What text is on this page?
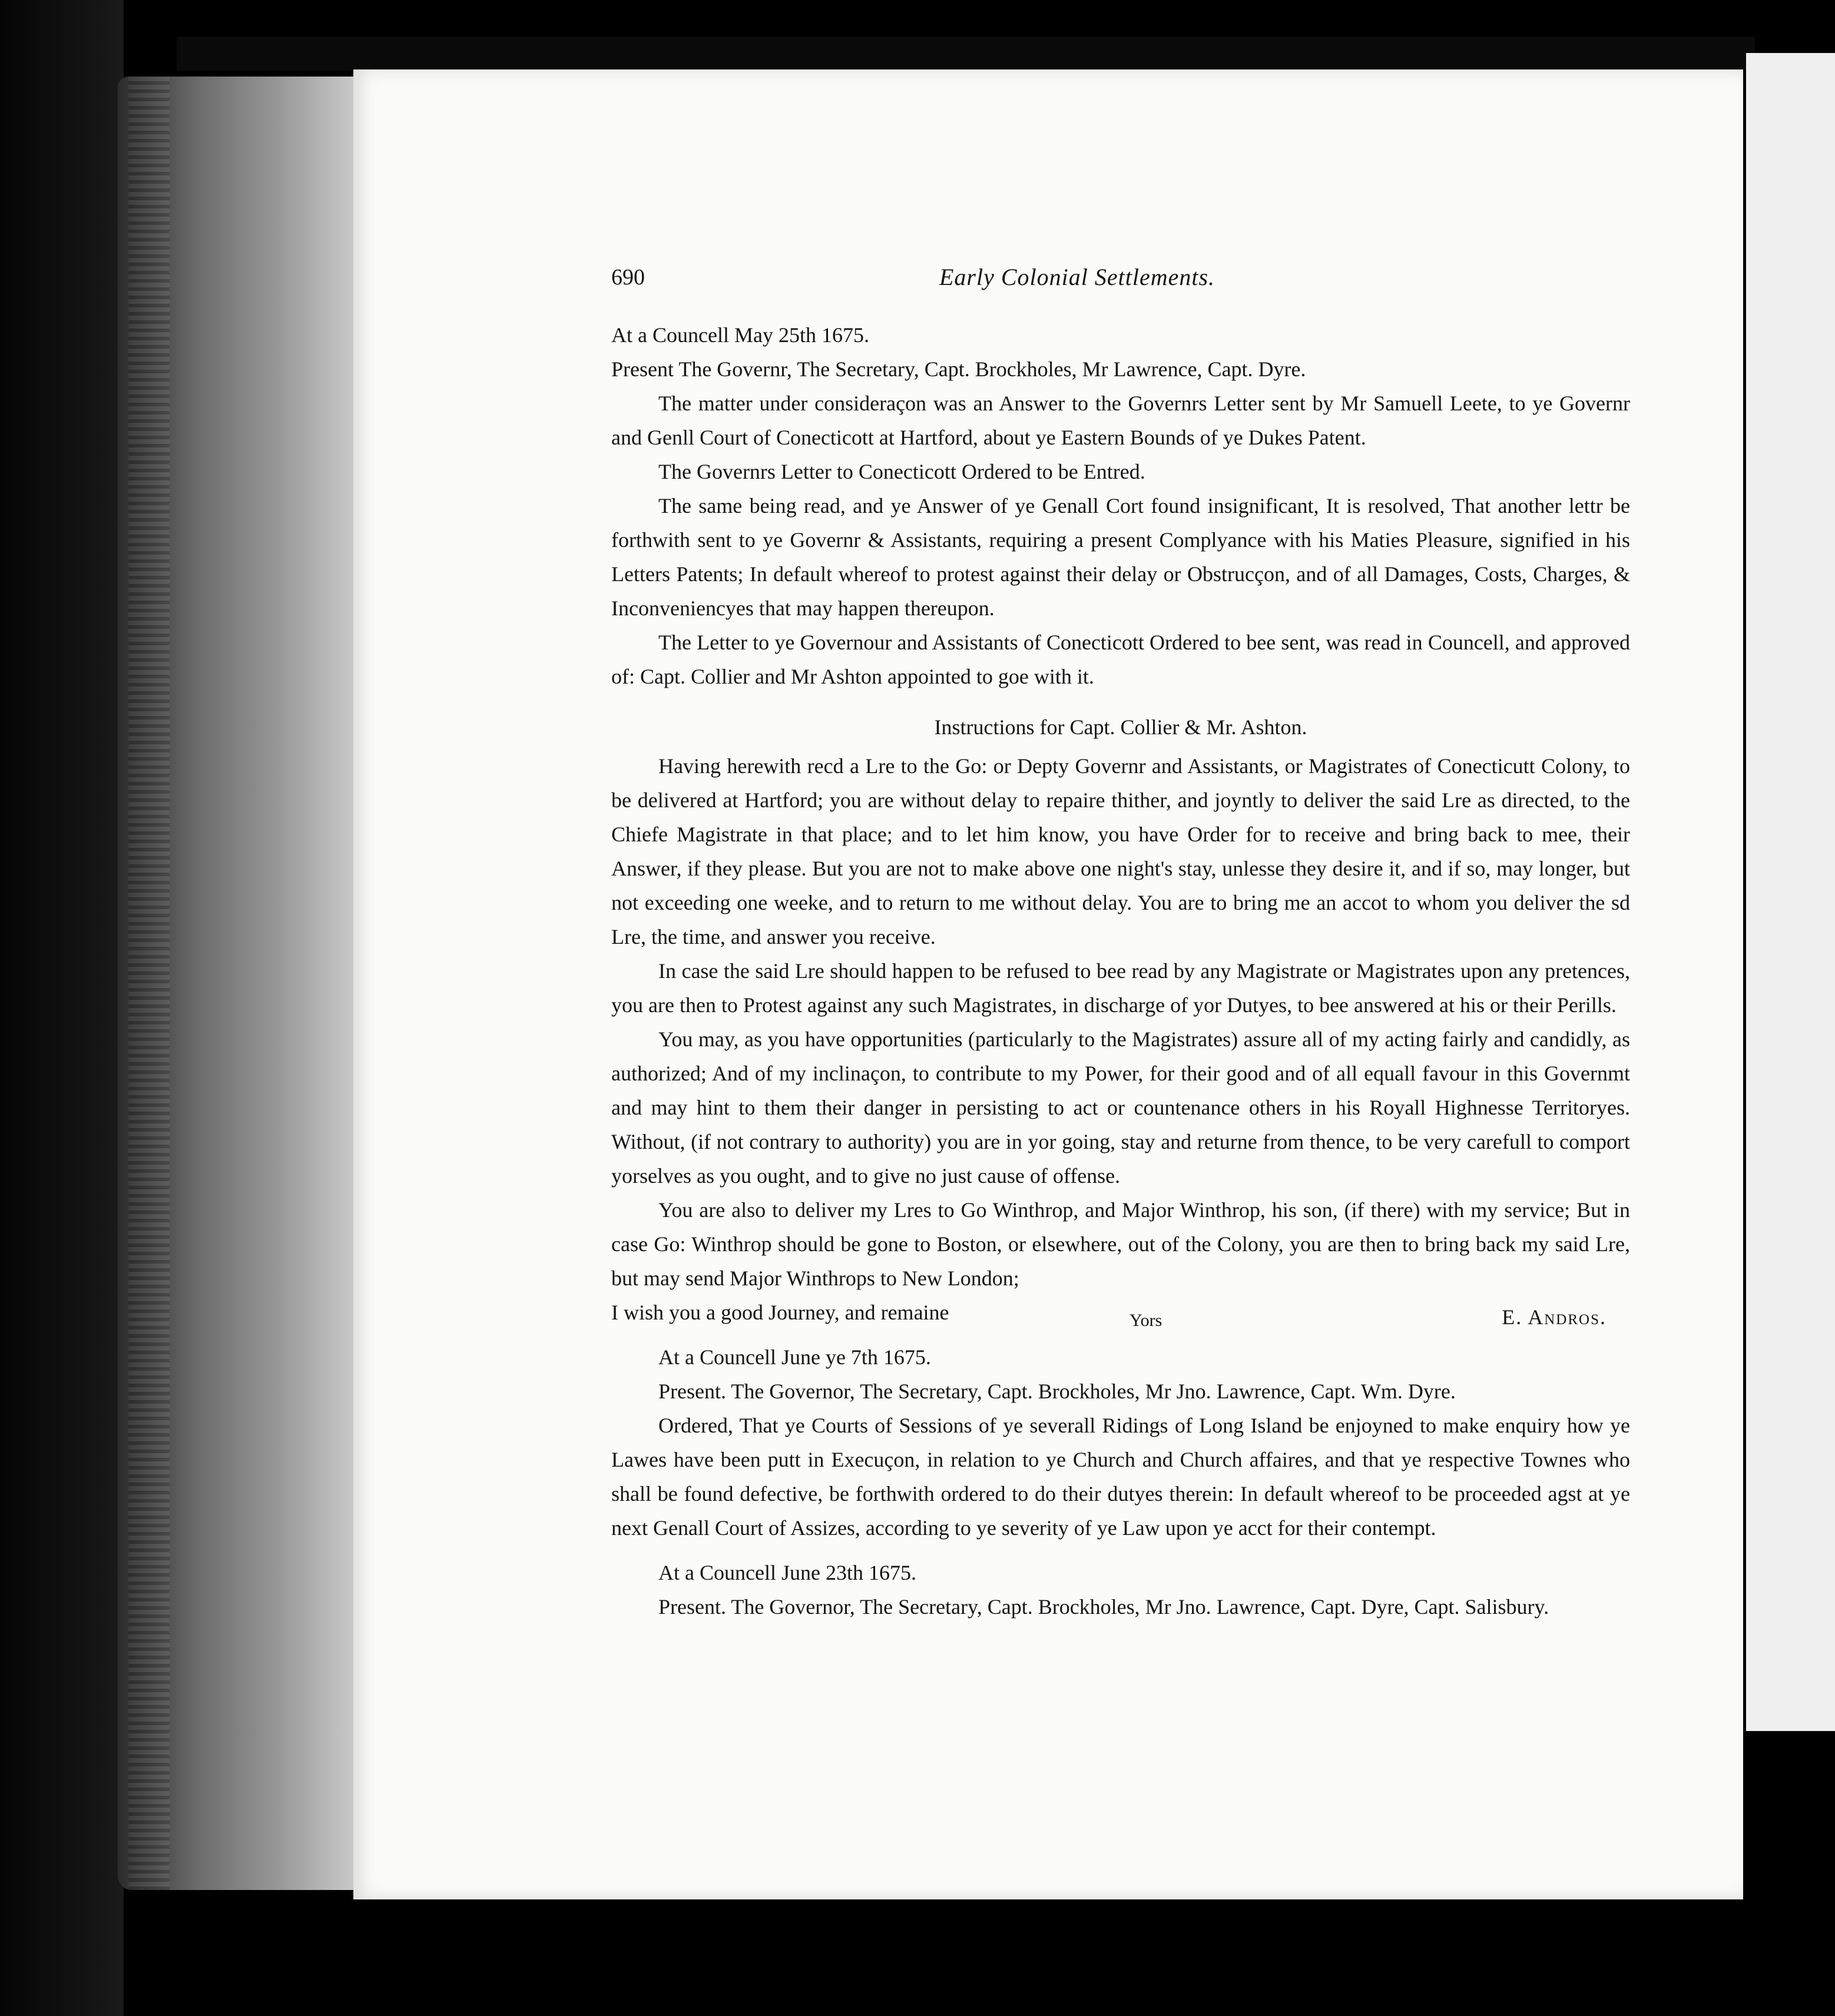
690	Early Colonial Settlements.

At a Councell May 25th 1675.

Present The Governr, The Secretary, Capt. Brockholes, Mr Lawrence, Capt. Dyre.

The matter under consideraçon was an Answer to the Governrs Letter sent by Mr Samuell Leete, to ye Governr and Genll Court of Conecticott at Hartford, about ye Eastern Bounds of ye Dukes Patent.

The Governrs Letter to Conecticott Ordered to be Entred.

The same being read, and ye Answer of ye Genall Cort found insignificant, It is resolved, That another lettr be forthwith sent to ye Governr & Assistants, requiring a present Complyance with his Maties Pleasure, signified in his Letters Patents; In default whereof to protest against their delay or Obstrucçon, and of all Damages, Costs, Charges, & Inconveniencyes that may happen thereupon.

The Letter to ye Governour and Assistants of Conecticott Ordered to bee sent, was read in Councell, and approved of: Capt. Collier and Mr Ashton appointed to goe with it.

Instructions for Capt. Collier & Mr. Ashton.

Having herewith recd a Lre to the Go: or Depty Governr and Assistants, or Magistrates of Conecticutt Colony, to be delivered at Hartford; you are without delay to repaire thither, and joyntly to deliver the said Lre as directed, to the Chiefe Magistrate in that place; and to let him know, you have Order for to receive and bring back to mee, their Answer, if they please. But you are not to make above one night's stay, unlesse they desire it, and if so, may longer, but not exceeding one weeke, and to return to me without delay. You are to bring me an accot to whom you deliver the sd Lre, the time, and answer you receive.

In case the said Lre should happen to be refused to bee read by any Magistrate or Magistrates upon any pretences, you are then to Protest against any such Magistrates, in discharge of yor Dutyes, to bee answered at his or their Perills.

You may, as you have opportunities (particularly to the Magistrates) assure all of my acting fairly and candidly, as authorized; And of my inclinaçon, to contribute to my Power, for their good and of all equall favour in this Governmt and may hint to them their danger in persisting to act or countenance others in his Royall Highnesse Territoryes. Without, (if not contrary to authority) you are in yor going, stay and returne from thence, to be very carefull to comport yorselves as you ought, and to give no just cause of offense.

You are also to deliver my Lres to Go Winthrop, and Major Winthrop, his son, (if there) with my service; But in case Go: Winthrop should be gone to Boston, or elsewhere, out of the Colony, you are then to bring back my said Lre, but may send Major Winthrops to New London;

I wish you a good Journey, and remaine	Yors	E. Andros.

At a Councell June ye 7th 1675.

Present. The Governor, The Secretary, Capt. Brockholes, Mr Jno. Lawrence, Capt. Wm. Dyre.

Ordered, That ye Courts of Sessions of ye severall Ridings of Long Island be enjoyned to make enquiry how ye Lawes have been putt in Execuçon, in relation to ye Church and Church affaires, and that ye respective Townes who shall be found defective, be forthwith ordered to do their dutyes therein: In default whereof to be proceeded agst at ye next Genall Court of Assizes, according to ye severity of ye Law upon ye acct for their contempt.

At a Councell June 23th 1675.

Present. The Governor, The Secretary, Capt. Brockholes, Mr Jno. Lawrence, Capt. Dyre, Capt. Salisbury.
